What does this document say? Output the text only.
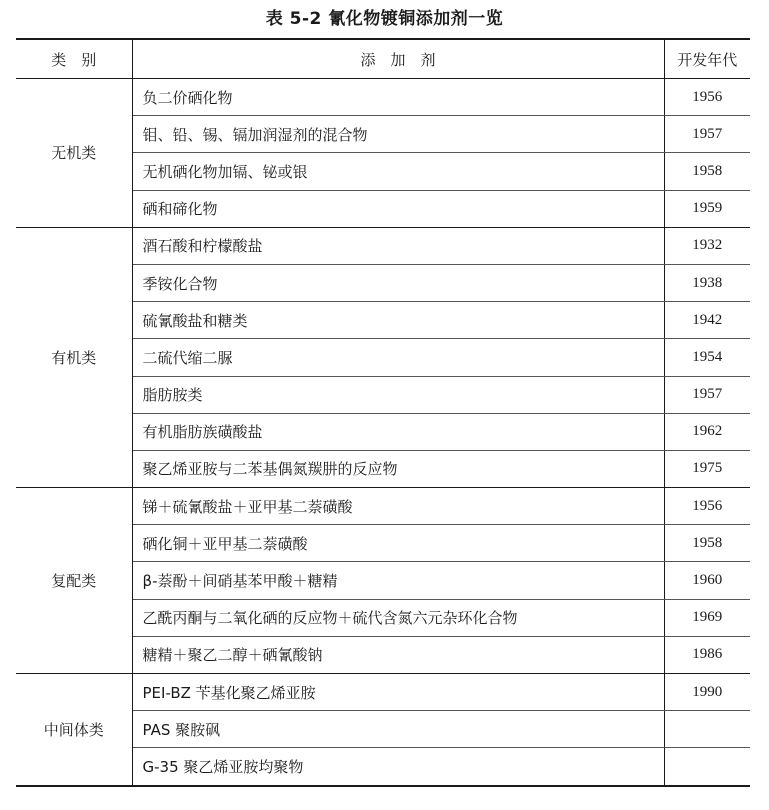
表 5-2 氰化物镀铜添加剂一览
类　别	添　加　剂	开发年代
无机类	负二价硒化物	1956
	钼、铅、锡、镉加润湿剂的混合物	1957
	无机硒化物加镉、铋或银	1958
	硒和碲化物	1959
有机类	酒石酸和柠檬酸盐	1932
	季铵化合物	1938
	硫氰酸盐和糖类	1942
	二硫代缩二脲	1954
	脂肪胺类	1957
	有机脂肪族磺酸盐	1962
	聚乙烯亚胺与二苯基偶氮羰肼的反应物	1975
复配类	锑＋硫氰酸盐＋亚甲基二萘磺酸	1956
	硒化铜＋亚甲基二萘磺酸	1958
	β-萘酚＋间硝基苯甲酸＋糖精	1960
	乙酰丙酮与二氧化硒的反应物＋硫代含氮六元杂环化合物	1969
	糖精＋聚乙二醇＋硒氰酸钠	1986
中间体类	PEI-BZ 苄基化聚乙烯亚胺	1990
	PAS 聚胺砜	
	G-35 聚乙烯亚胺均聚物	
